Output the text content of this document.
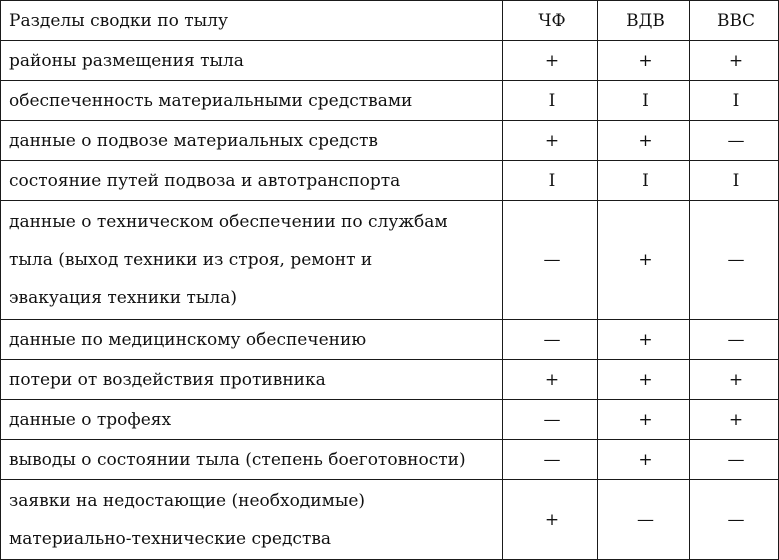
Разделы сводки по тылу	ЧФ	ВДВ	ВВС
районы размещения тыла	+	+	+
обеспеченность материальными средствами	I	I	I
данные о подвозе материальных средств	+	+	—
состояние путей подвоза и автотранспорта	I	I	I

данные о техническом обеспечении по службам
тыла (выход техники из строя, ремонт и
эвакуация техники тыла)	—	+	—
данные по медицинскому обеспечению	—	+	—
потери от воздействия противника	+	+	+
данные о трофеях	—	+	+
выводы о состоянии тыла (степень боеготовности)	—	+	—

заявки на недостающие (необходимые)
материально-технические средства	+	—	—
